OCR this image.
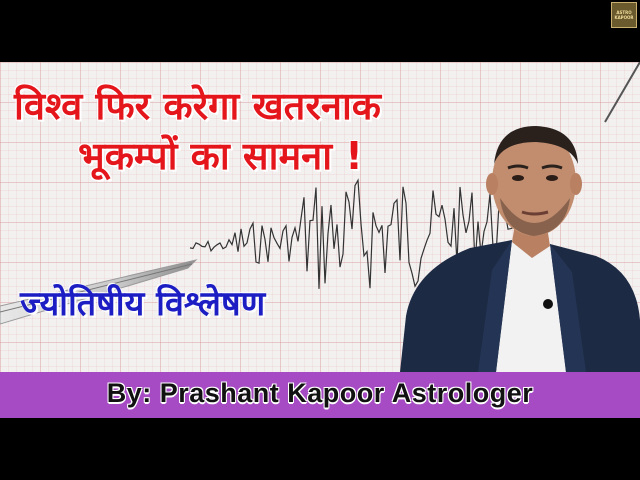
ASTRO
KAPOOR
विश्व फिर करेगा खतरनाक
भूकम्पों का सामना !
ज्योतिषीय विश्लेषण
By: Prashant Kapoor Astrologer
